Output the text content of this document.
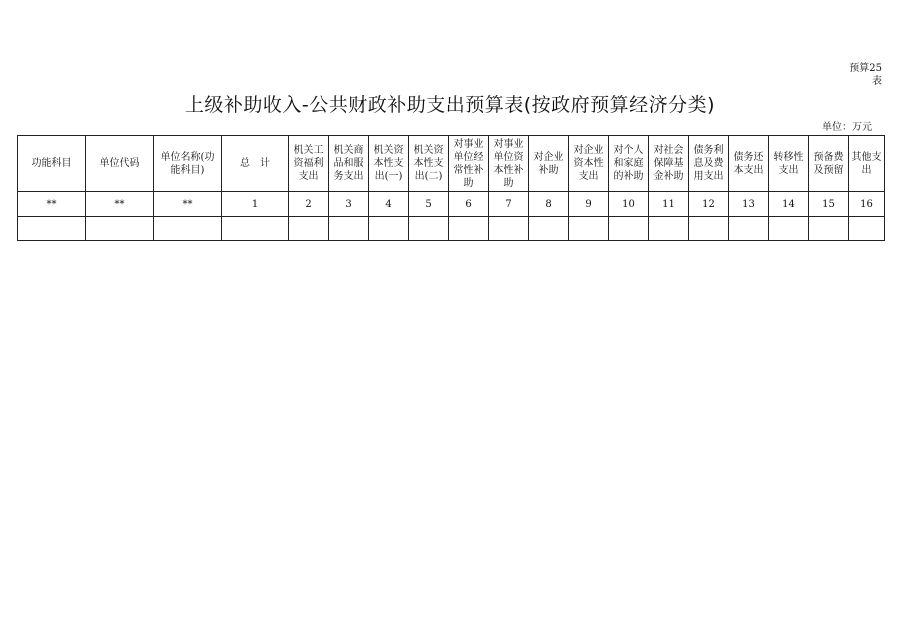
预算25
表
上级补助收入-公共财政补助支出预算表(按政府预算经济分类)
单位：万元
功能科目	单位代码	单位名称(功
能科目)	总　计	机关工
资福利
支出	机关商
品和服
务支出	机关资
本性支
出(一)	机关资
本性支
出(二)	对事业
单位经
常性补
助	对事业
单位资
本性补
助	对企业
补助	对企业
资本性
支出	对个人
和家庭
的补助	对社会
保障基
金补助	债务利
息及费
用支出	债务还
本支出	转移性
支出	预备费
及预留	其他支
出
**	**	**	1	2	3	4	5	6	7	8	9	10	11	12	13	14	15	16
